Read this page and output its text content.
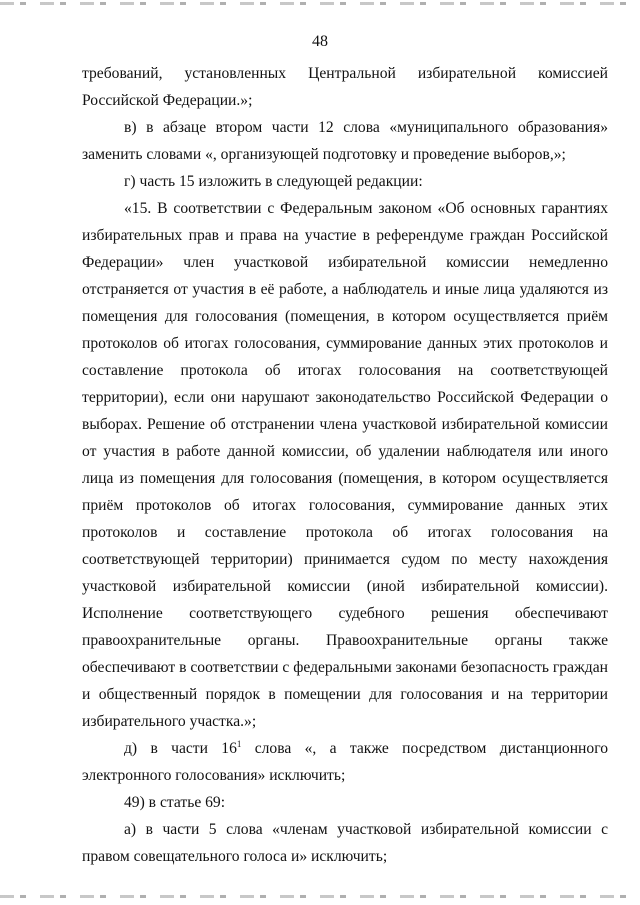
48

требований, установленных Центральной избирательной комиссией Российской Федерации.»;

в) в абзаце втором части 12 слова «муниципального образования» заменить словами «, организующей подготовку и проведение выборов,»;

г) часть 15 изложить в следующей редакции:

«15. В соответствии с Федеральным законом «Об основных гарантиях избирательных прав и права на участие в референдуме граждан Российской Федерации» член участковой избирательной комиссии немедленно отстраняется от участия в её работе, а наблюдатель и иные лица удаляются из помещения для голосования (помещения, в котором осуществляется приём протоколов об итогах голосования, суммирование данных этих протоколов и составление протокола об итогах голосования на соответствующей территории), если они нарушают законодательство Российской Федерации о выборах. Решение об отстранении члена участковой избирательной комиссии от участия в работе данной комиссии, об удалении наблюдателя или иного лица из помещения для голосования (помещения, в котором осуществляется приём протоколов об итогах голосования, суммирование данных этих протоколов и составление протокола об итогах голосования на соответствующей территории) принимается судом по месту нахождения участковой избирательной комиссии (иной избирательной комиссии). Исполнение соответствующего судебного решения обеспечивают правоохранительные органы. Правоохранительные органы также обеспечивают в соответствии с федеральными законами безопасность граждан и общественный порядок в помещении для голосования и на территории избирательного участка.»;

д) в части $16^1$ слова «, а также посредством дистанционного электронного голосования» исключить;

49) в статье 69:

а) в части 5 слова «членам участковой избирательной комиссии с правом совещательного голоса и» исключить;
